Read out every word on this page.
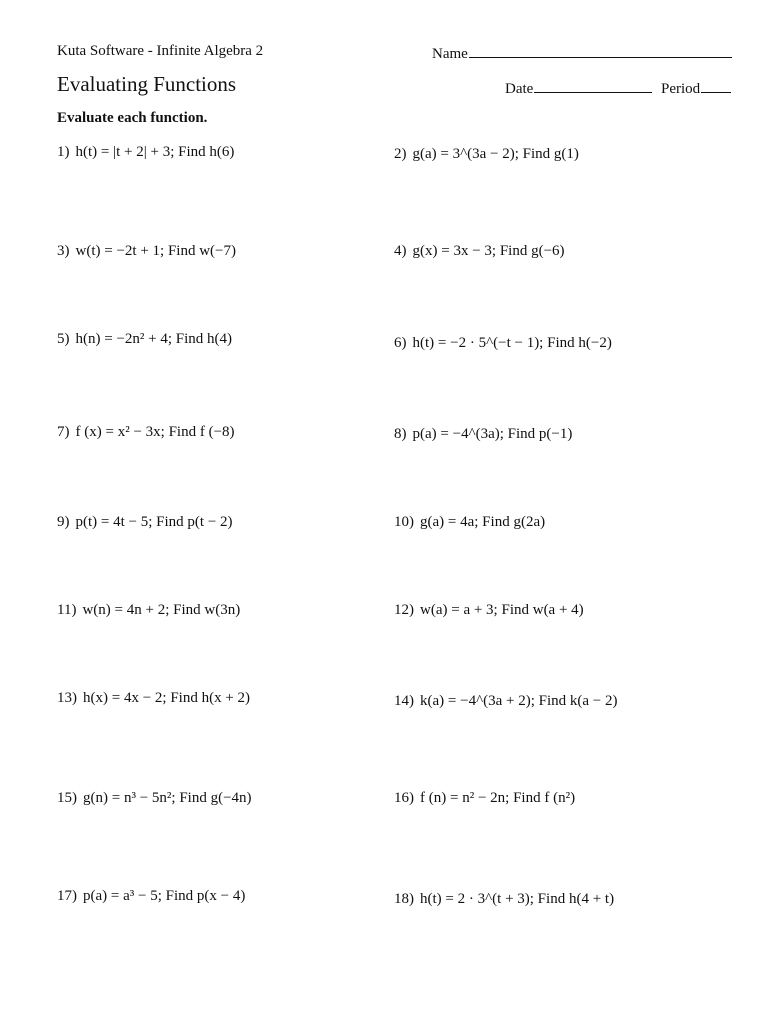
Kuta Software - Infinite Algebra 2
Evaluating Functions
Evaluate each function.
Name
Date	Period
1) h(t) = |t + 2| + 3; Find h(6)	2) g(a) = 3^(3a − 2); Find g(1)
3) w(t) = −2t + 1; Find w(−7)	4) g(x) = 3x − 3; Find g(−6)
5) h(n) = −2n² + 4; Find h(4)	6) h(t) = −2 · 5^(−t − 1); Find h(−2)
7) f (x) = x² − 3x; Find f (−8)	8) p(a) = −4^(3a); Find p(−1)
9) p(t) = 4t − 5; Find p(t − 2)	10) g(a) = 4a; Find g(2a)
11) w(n) = 4n + 2; Find w(3n)	12) w(a) = a + 3; Find w(a + 4)
13) h(x) = 4x − 2; Find h(x + 2)	14) k(a) = −4^(3a + 2); Find k(a − 2)
15) g(n) = n³ − 5n²; Find g(−4n)	16) f (n) = n² − 2n; Find f (n²)
17) p(a) = a³ − 5; Find p(x − 4)	18) h(t) = 2 · 3^(t + 3); Find h(4 + t)
